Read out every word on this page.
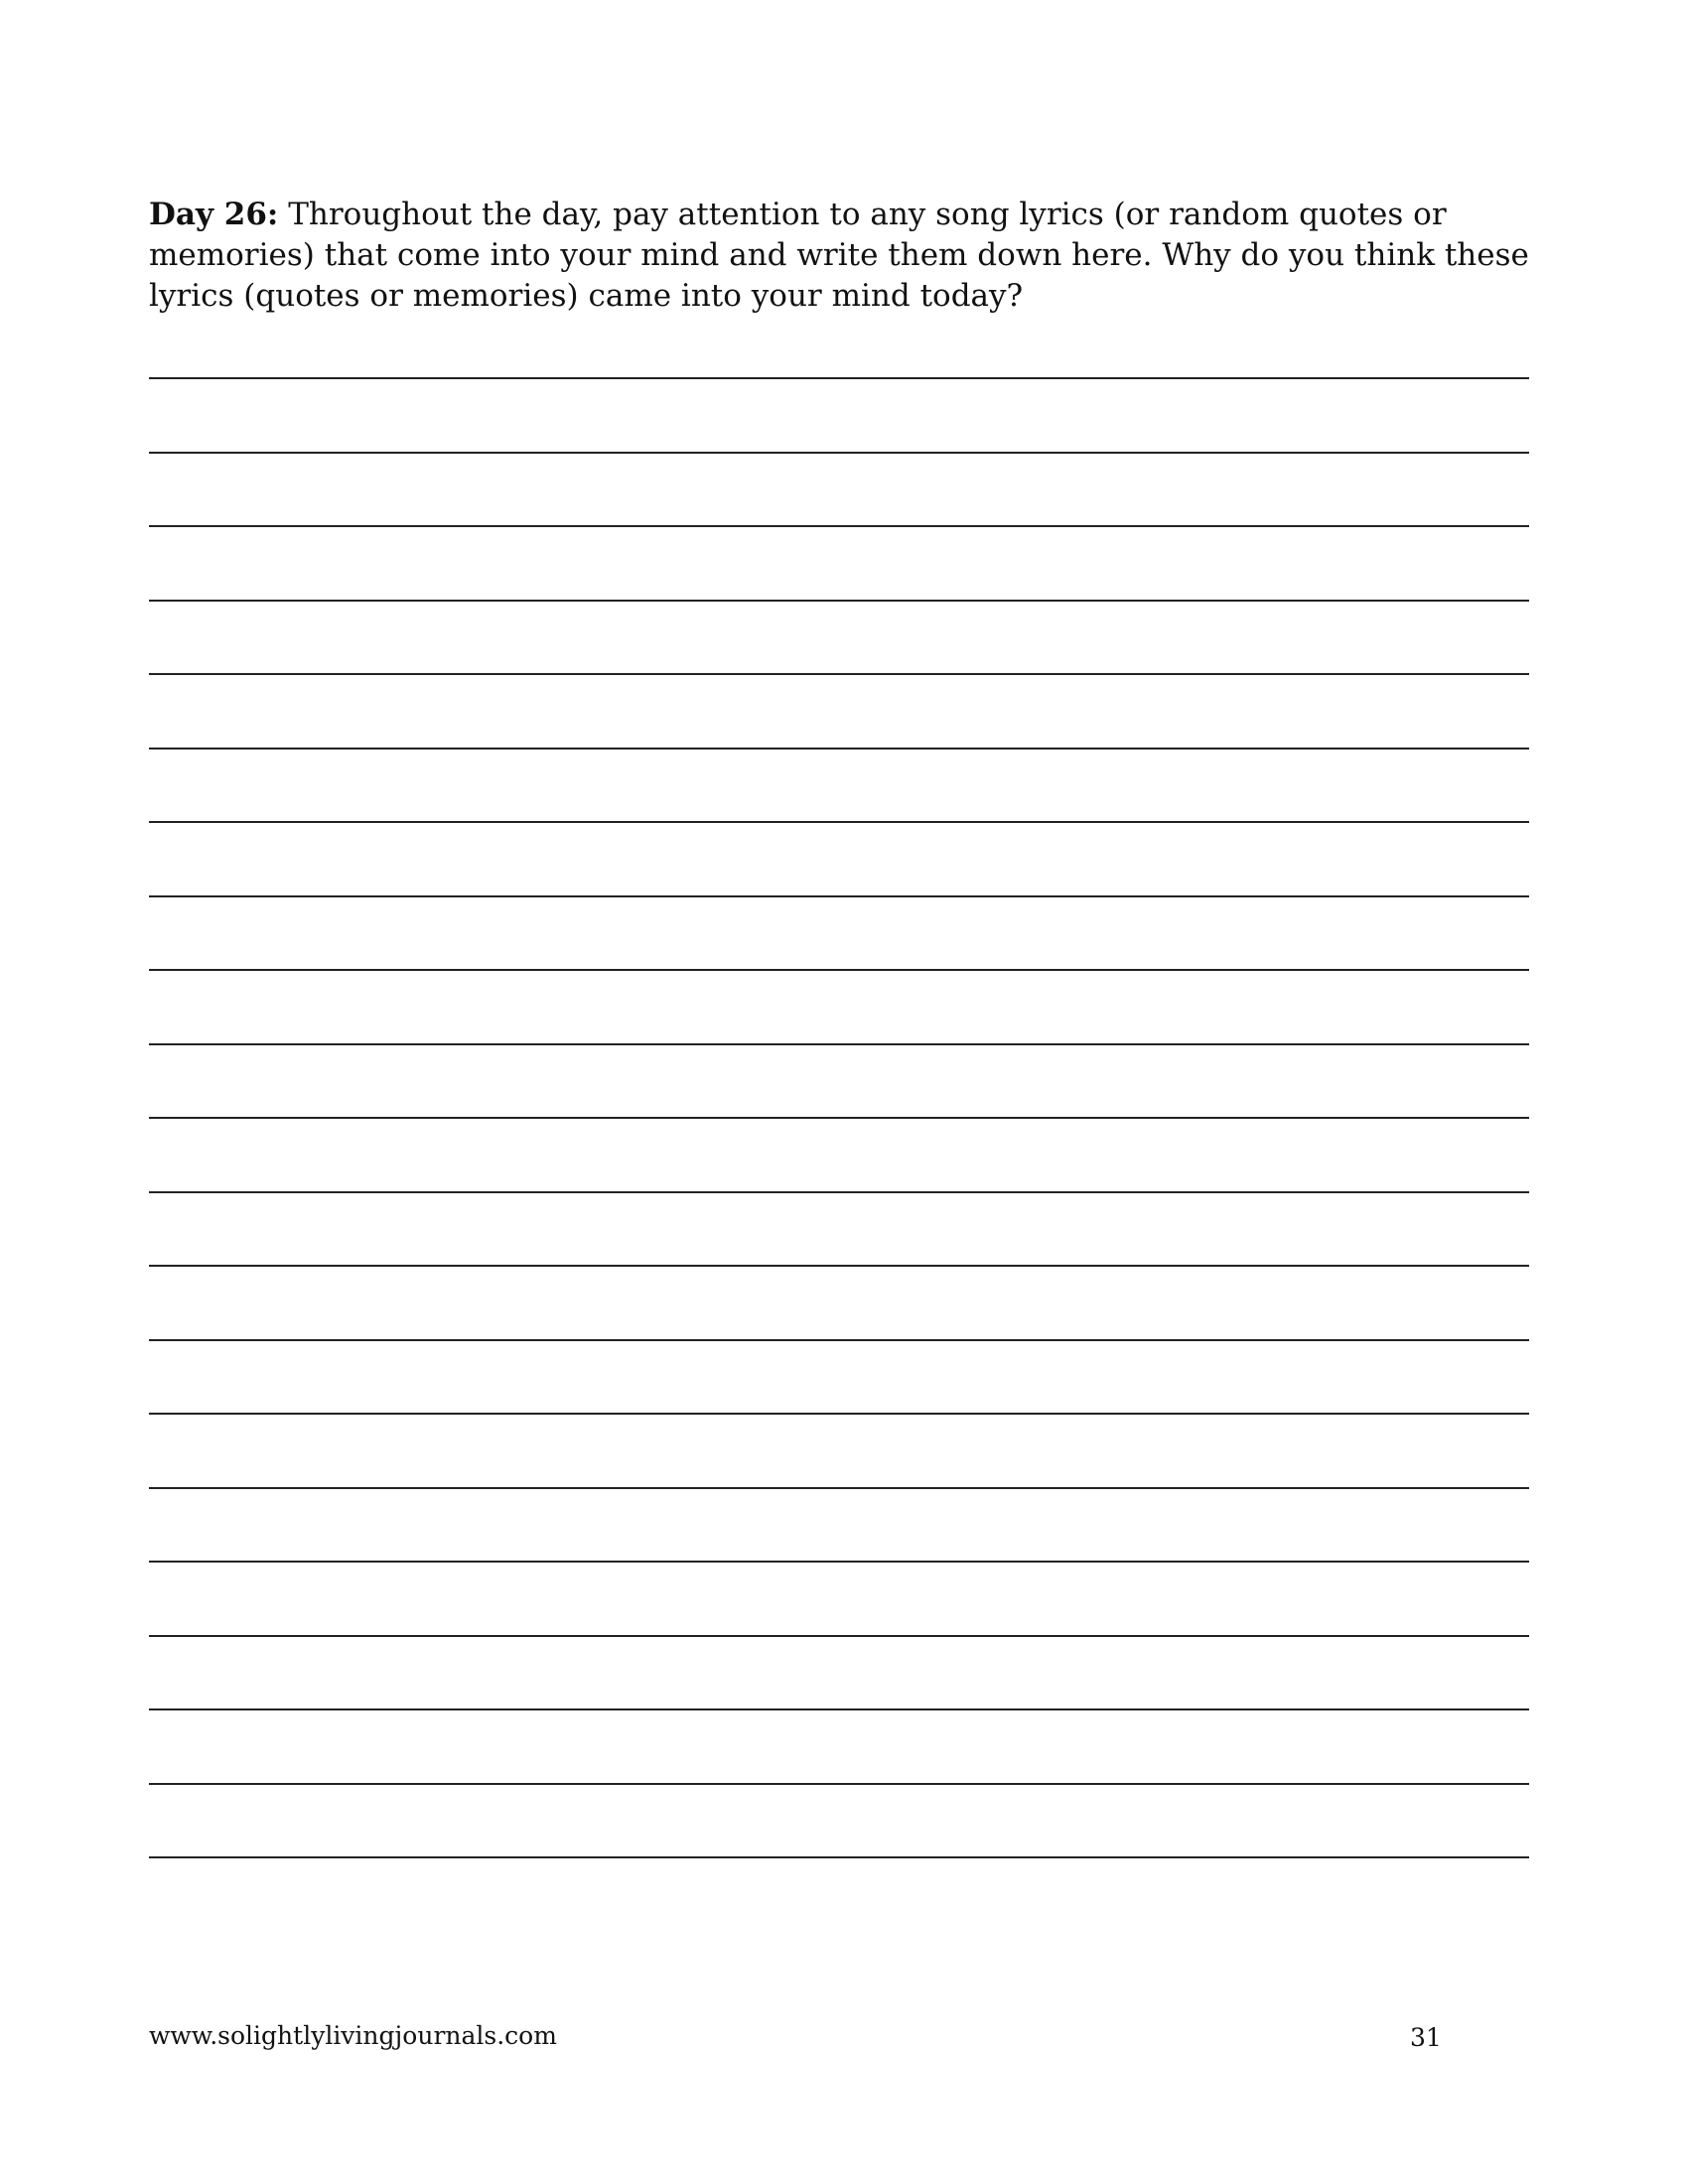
Day 26: Throughout the day, pay attention to any song lyrics (or random quotes or memories) that come into your mind and write them down here. Why do you think these lyrics (quotes or memories) came into your mind today?

www.solightlylivingjournals.com	31
